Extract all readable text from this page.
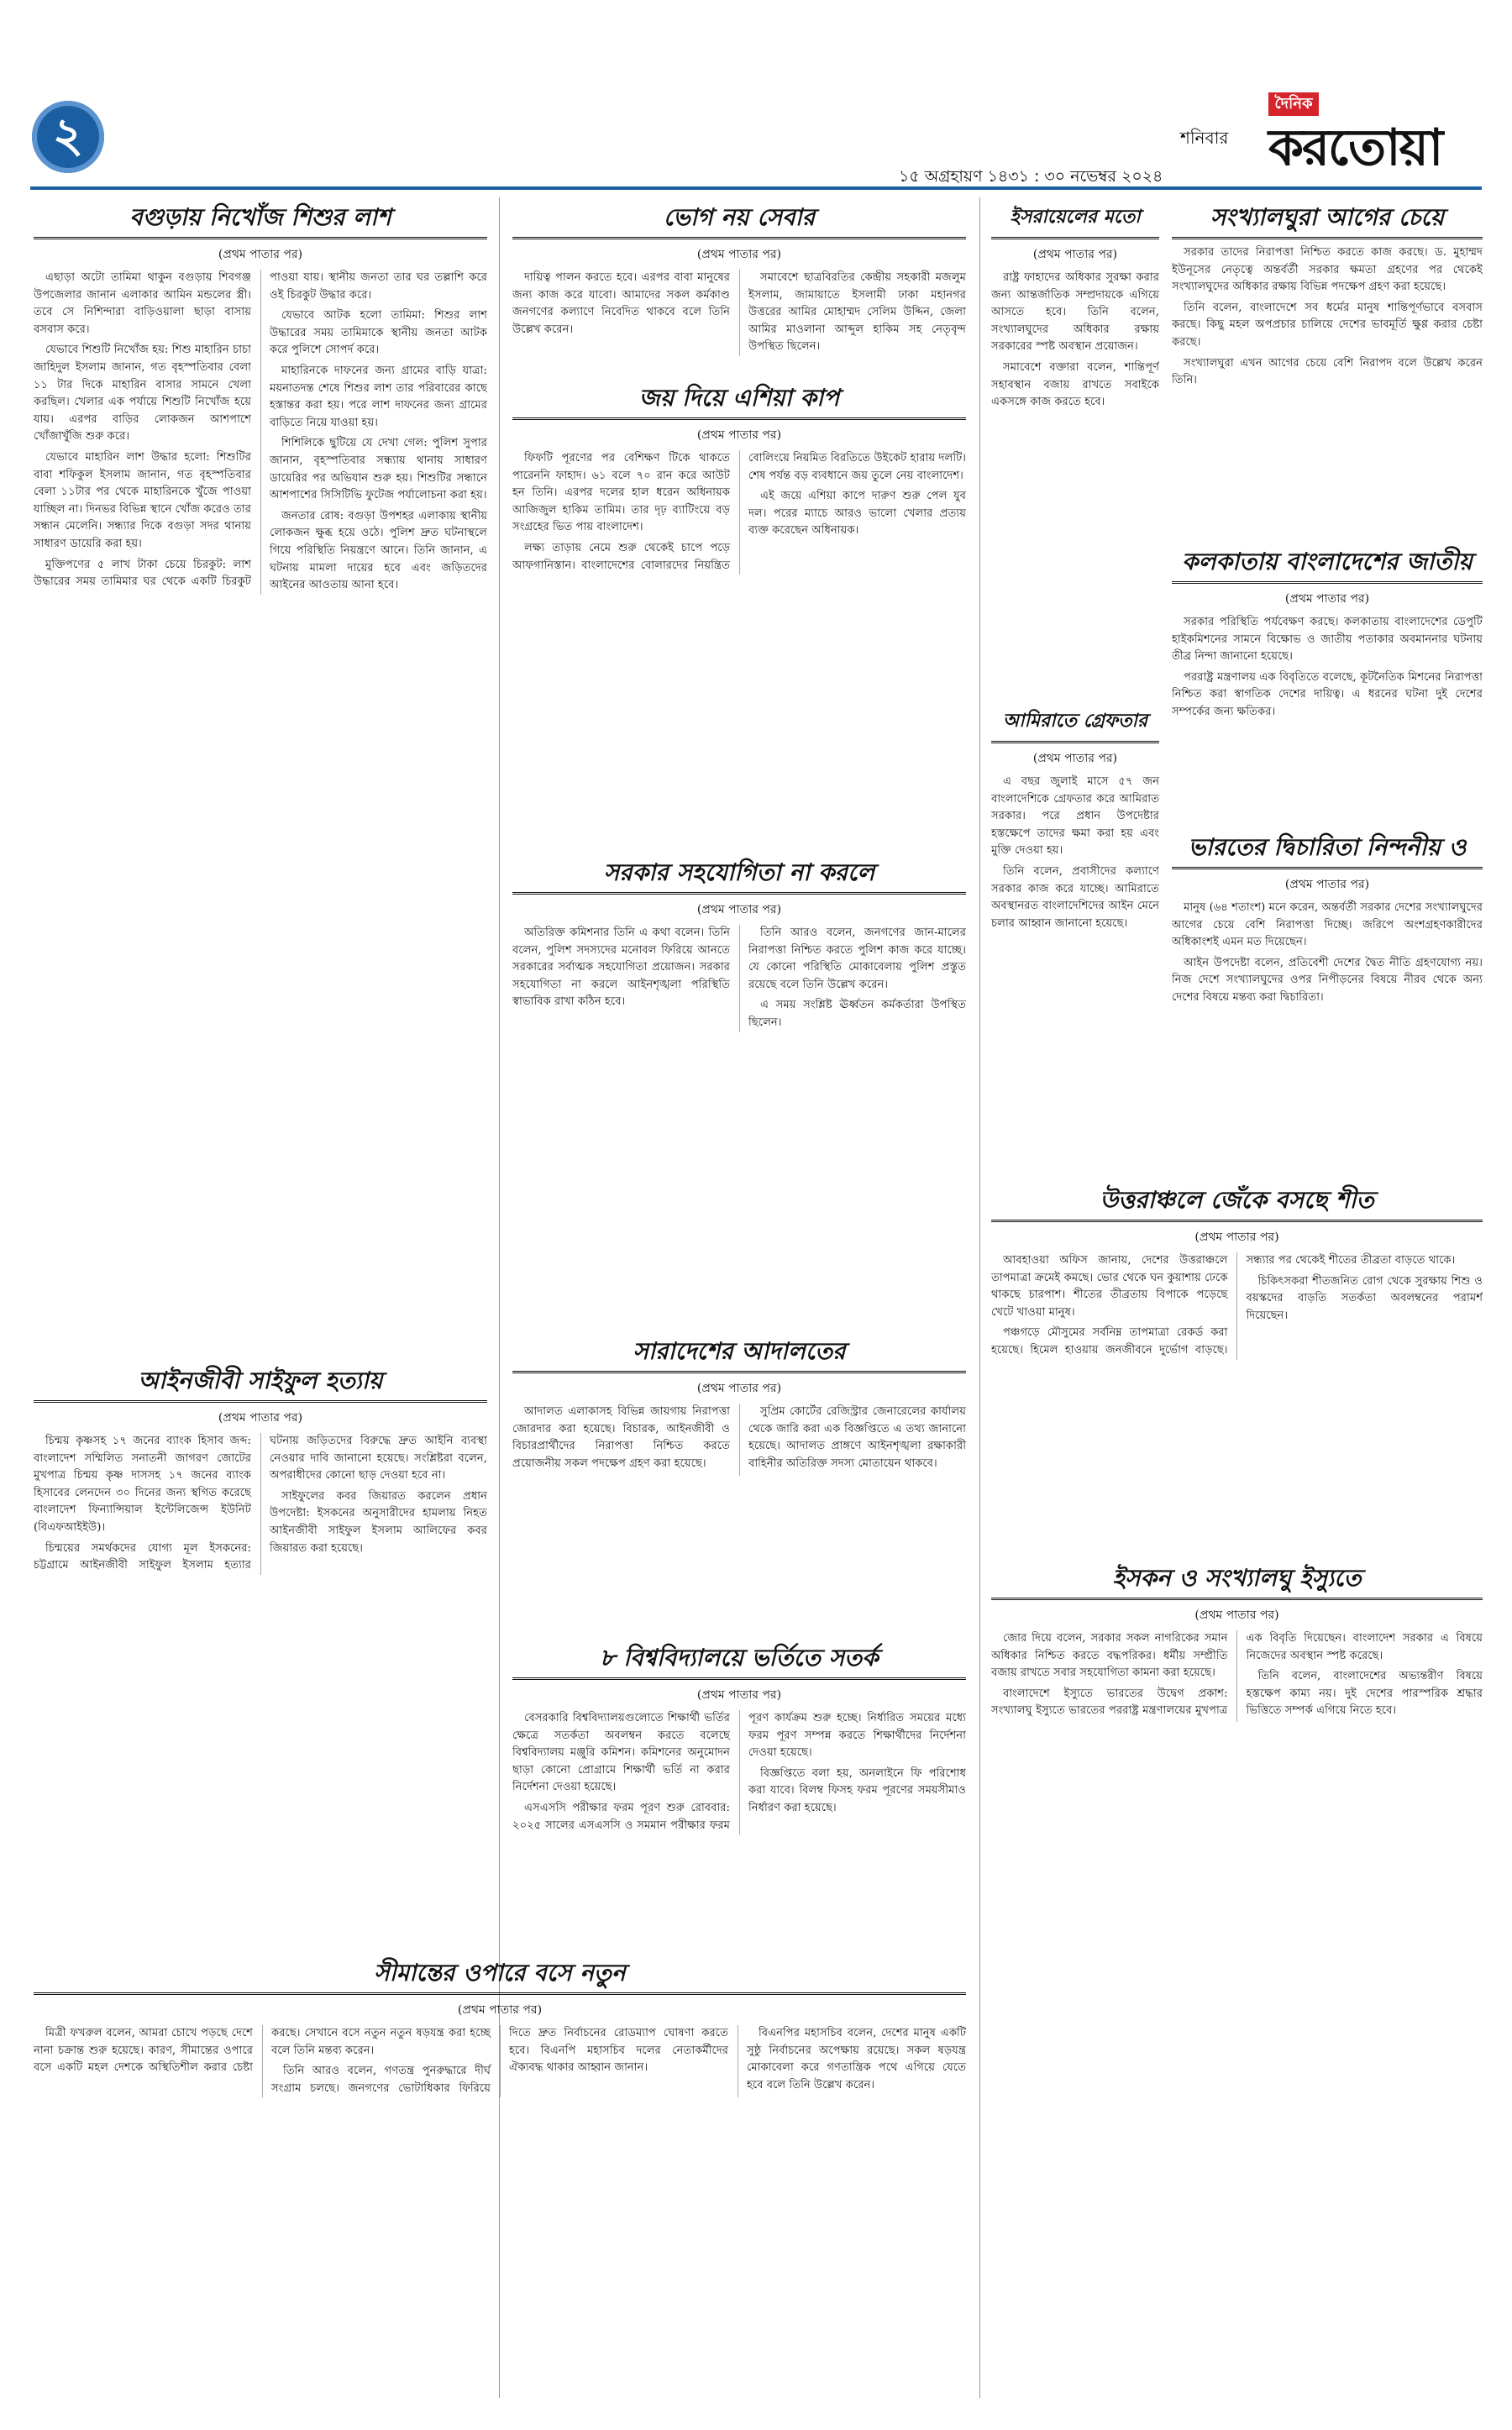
২	শনিবার
১৫ অগ্রহায়ণ ১৪৩১ : ৩০ নভেম্বর ২০২৪
দৈনিক
করতোয়া
বগুড়ায় নিখোঁজ শিশুর লাশ
(প্রথম পাতার পর)

এছাড়া অটো তামিমা থাকুন বগুড়ায় শিবগঞ্জ উপজেলার জানান এলাকার আমিন মন্ডলের স্ত্রী। তবে সে নিশিন্দারা বাড়িওয়ালা ছাড়া বাসায় বসবাস করে।

যেভাবে শিশুটি নিখোঁজ হয়: শিশু মাহারিন চাচা জাহিদুল ইসলাম জানান, গত বৃহস্পতিবার বেলা ১১ টার দিকে মাহারিন বাসার সামনে খেলা করছিল। খেলার এক পর্যায়ে শিশুটি নিখোঁজ হয়ে যায়। এরপর বাড়ির লোকজন আশপাশে খোঁজাখুঁজি শুরু করে।

যেভাবে মাহারিন লাশ উদ্ধার হলো: শিশুটির বাবা শফিকুল ইসলাম জানান, গত বৃহস্পতিবার বেলা ১১টার পর থেকে মাহারিনকে খুঁজে পাওয়া যাচ্ছিল না। দিনভর বিভিন্ন স্থানে খোঁজ করেও তার সন্ধান মেলেনি। সন্ধ্যার দিকে বগুড়া সদর থানায় সাধারণ ডায়েরি করা হয়।

মুক্তিপণের ৫ লাখ টাকা চেয়ে চিরকুট: লাশ উদ্ধারের সময় তামিমার ঘর থেকে একটি চিরকুট পাওয়া যায়। স্থানীয় জনতা তার ঘর তল্লাশি করে ওই চিরকুট উদ্ধার করে।

যেভাবে আটক হলো তামিমা: শিশুর লাশ উদ্ধারের সময় তামিমাকে স্থানীয় জনতা আটক করে পুলিশে সোপর্দ করে।

মাহারিনকে দাফনের জন্য গ্রামের বাড়ি যাত্রা: ময়নাতদন্ত শেষে শিশুর লাশ তার পরিবারের কাছে হস্তান্তর করা হয়। পরে লাশ দাফনের জন্য গ্রামের বাড়িতে নিয়ে যাওয়া হয়।

শিশিলিকে ছুটিয়ে যে দেখা গেল: পুলিশ সুপার জানান, বৃহস্পতিবার সন্ধ্যায় থানায় সাধারণ ডায়েরির পর অভিযান শুরু হয়। শিশুটির সন্ধানে আশপাশের সিসিটিভি ফুটেজ পর্যালোচনা করা হয়।

জনতার রোষ: বগুড়া উপশহর এলাকায় স্থানীয় লোকজন ক্ষুব্ধ হয়ে ওঠে। পুলিশ দ্রুত ঘটনাস্থলে গিয়ে পরিস্থিতি নিয়ন্ত্রণে আনে। তিনি জানান, এ ঘটনায় মামলা দায়ের হবে এবং জড়িতদের আইনের আওতায় আনা হবে।

আইনজীবী সাইফুল হত্যায়
(প্রথম পাতার পর)

চিন্ময় কৃষ্ণসহ ১৭ জনের ব্যাংক হিসাব জব্দ: বাংলাদেশ সম্মিলিত সনাতনী জাগরণ জোটের মুখপাত্র চিন্ময় কৃষ্ণ দাসসহ ১৭ জনের ব্যাংক হিসাবের লেনদেন ৩০ দিনের জন্য স্থগিত করেছে বাংলাদেশ ফিন্যান্সিয়াল ইন্টেলিজেন্স ইউনিট (বিএফআইইউ)।

চিন্ময়ের সমর্থকদের যোগ্য মূল ইসকনের: চট্টগ্রামে আইনজীবী সাইফুল ইসলাম হত্যার ঘটনায় জড়িতদের বিরুদ্ধে দ্রুত আইনি ব্যবস্থা নেওয়ার দাবি জানানো হয়েছে। সংশ্লিষ্টরা বলেন, অপরাধীদের কোনো ছাড় দেওয়া হবে না।

সাইফুলের কবর জিয়ারত করলেন প্রধান উপদেষ্টা: ইসকনের অনুসারীদের হামলায় নিহত আইনজীবী সাইফুল ইসলাম আলিফের কবর জিয়ারত করা হয়েছে।

সীমান্তের ওপারে বসে নতুন
(প্রথম পাতার পর)

মিত্রী ফখরুল বলেন, আমরা চোখে পড়ছে দেশে নানা চক্রান্ত শুরু হয়েছে। কারণ, সীমান্তের ওপারে বসে একটি মহল দেশকে অস্থিতিশীল করার চেষ্টা করছে। সেখানে বসে নতুন নতুন ষড়যন্ত্র করা হচ্ছে বলে তিনি মন্তব্য করেন।

তিনি আরও বলেন, গণতন্ত্র পুনরুদ্ধারে দীর্ঘ সংগ্রাম চলছে। জনগণের ভোটাধিকার ফিরিয়ে দিতে দ্রুত নির্বাচনের রোডম্যাপ ঘোষণা করতে হবে। বিএনপি মহাসচিব দলের নেতাকর্মীদের ঐক্যবদ্ধ থাকার আহ্বান জানান।

বিএনপির মহাসচিব বলেন, দেশের মানুষ একটি সুষ্ঠু নির্বাচনের অপেক্ষায় রয়েছে। সকল ষড়যন্ত্র মোকাবেলা করে গণতান্ত্রিক পথে এগিয়ে যেতে হবে বলে তিনি উল্লেখ করেন।

ভোগ নয় সেবার
(প্রথম পাতার পর)

দায়িত্ব পালন করতে হবে। এরপর বাবা মানুষের জন্য কাজ করে যাবো। আমাদের সকল কর্মকাণ্ড জনগণের কল্যাণে নিবেদিত থাকবে বলে তিনি উল্লেখ করেন।

সমাবেশে ছাত্রবিরতির কেন্দ্রীয় সহকারী মজলুম ইসলাম, জামায়াতে ইসলামী ঢাকা মহানগর উত্তরের আমির মোহাম্মদ সেলিম উদ্দিন, জেলা আমির মাওলানা আব্দুল হাকিম সহ নেতৃবৃন্দ উপস্থিত ছিলেন।

জয় দিয়ে এশিয়া কাপ
(প্রথম পাতার পর)

ফিফটি পূরণের পর বেশিক্ষণ টিকে থাকতে পারেননি ফাহাদ। ৬১ বলে ৭০ রান করে আউট হন তিনি। এরপর দলের হাল ধরেন অধিনায়ক আজিজুল হাকিম তামিম। তার দৃঢ় ব্যাটিংয়ে বড় সংগ্রহের ভিত পায় বাংলাদেশ।

লক্ষ্য তাড়ায় নেমে শুরু থেকেই চাপে পড়ে আফগানিস্তান। বাংলাদেশের বোলারদের নিয়ন্ত্রিত বোলিংয়ে নিয়মিত বিরতিতে উইকেট হারায় দলটি। শেষ পর্যন্ত বড় ব্যবধানে জয় তুলে নেয় বাংলাদেশ।

এই জয়ে এশিয়া কাপে দারুণ শুরু পেল যুব দল। পরের ম্যাচে আরও ভালো খেলার প্রত্যয় ব্যক্ত করেছেন অধিনায়ক।

সরকার সহযোগিতা না করলে
(প্রথম পাতার পর)

অতিরিক্ত কমিশনার তিনি এ কথা বলেন। তিনি বলেন, পুলিশ সদস্যদের মনোবল ফিরিয়ে আনতে সরকারের সর্বাত্মক সহযোগিতা প্রয়োজন। সরকার সহযোগিতা না করলে আইনশৃঙ্খলা পরিস্থিতি স্বাভাবিক রাখা কঠিন হবে।

তিনি আরও বলেন, জনগণের জান-মালের নিরাপত্তা নিশ্চিত করতে পুলিশ কাজ করে যাচ্ছে। যে কোনো পরিস্থিতি মোকাবেলায় পুলিশ প্রস্তুত রয়েছে বলে তিনি উল্লেখ করেন।

এ সময় সংশ্লিষ্ট ঊর্ধ্বতন কর্মকর্তারা উপস্থিত ছিলেন।

সারাদেশের আদালতের
(প্রথম পাতার পর)

আদালত এলাকাসহ বিভিন্ন জায়গায় নিরাপত্তা জোরদার করা হয়েছে। বিচারক, আইনজীবী ও বিচারপ্রার্থীদের নিরাপত্তা নিশ্চিত করতে প্রয়োজনীয় সকল পদক্ষেপ গ্রহণ করা হয়েছে।

সুপ্রিম কোর্টের রেজিস্ট্রার জেনারেলের কার্যালয় থেকে জারি করা এক বিজ্ঞপ্তিতে এ তথ্য জানানো হয়েছে। আদালত প্রাঙ্গণে আইনশৃঙ্খলা রক্ষাকারী বাহিনীর অতিরিক্ত সদস্য মোতায়েন থাকবে।

৮ বিশ্ববিদ্যালয়ে ভর্তিতে সতর্ক
(প্রথম পাতার পর)

বেসরকারি বিশ্ববিদ্যালয়গুলোতে শিক্ষার্থী ভর্তির ক্ষেত্রে সতর্কতা অবলম্বন করতে বলেছে বিশ্ববিদ্যালয় মঞ্জুরি কমিশন। কমিশনের অনুমোদন ছাড়া কোনো প্রোগ্রামে শিক্ষার্থী ভর্তি না করার নির্দেশনা দেওয়া হয়েছে।

এসএসসি পরীক্ষার ফরম পূরণ শুরু রোববার: ২০২৫ সালের এসএসসি ও সমমান পরীক্ষার ফরম পূরণ কার্যক্রম শুরু হচ্ছে। নির্ধারিত সময়ের মধ্যে ফরম পূরণ সম্পন্ন করতে শিক্ষার্থীদের নির্দেশনা দেওয়া হয়েছে।

বিজ্ঞপ্তিতে বলা হয়, অনলাইনে ফি পরিশোধ করা যাবে। বিলম্ব ফিসহ ফরম পূরণের সময়সীমাও নির্ধারণ করা হয়েছে।

ইসরায়েলের মতো
(প্রথম পাতার পর)

রাষ্ট্র ফাহাদের অধিকার সুরক্ষা করার জন্য আন্তর্জাতিক সম্প্রদায়কে এগিয়ে আসতে হবে। তিনি বলেন, সংখ্যালঘুদের অধিকার রক্ষায় সরকারের স্পষ্ট অবস্থান প্রয়োজন।

সমাবেশে বক্তারা বলেন, শান্তিপূর্ণ সহাবস্থান বজায় রাখতে সবাইকে একসঙ্গে কাজ করতে হবে।

আমিরাতে গ্রেফতার
(প্রথম পাতার পর)

এ বছর জুলাই মাসে ৫৭ জন বাংলাদেশিকে গ্রেফতার করে আমিরাত সরকার। পরে প্রধান উপদেষ্টার হস্তক্ষেপে তাদের ক্ষমা করা হয় এবং মুক্তি দেওয়া হয়।

তিনি বলেন, প্রবাসীদের কল্যাণে সরকার কাজ করে যাচ্ছে। আমিরাতে অবস্থানরত বাংলাদেশিদের আইন মেনে চলার আহ্বান জানানো হয়েছে।

সংখ্যালঘুরা আগের চেয়ে

সরকার তাদের নিরাপত্তা নিশ্চিত করতে কাজ করছে। ড. মুহাম্মদ ইউনূসের নেতৃত্বে অন্তর্বর্তী সরকার ক্ষমতা গ্রহণের পর থেকেই সংখ্যালঘুদের অধিকার রক্ষায় বিভিন্ন পদক্ষেপ গ্রহণ করা হয়েছে।

তিনি বলেন, বাংলাদেশে সব ধর্মের মানুষ শান্তিপূর্ণভাবে বসবাস করছে। কিছু মহল অপপ্রচার চালিয়ে দেশের ভাবমূর্তি ক্ষুণ্ণ করার চেষ্টা করছে।

সংখ্যালঘুরা এখন আগের চেয়ে বেশি নিরাপদ বলে উল্লেখ করেন তিনি।

কলকাতায় বাংলাদেশের জাতীয়
(প্রথম পাতার পর)

সরকার পরিস্থিতি পর্যবেক্ষণ করছে। কলকাতায় বাংলাদেশের ডেপুটি হাইকমিশনের সামনে বিক্ষোভ ও জাতীয় পতাকার অবমাননার ঘটনায় তীব্র নিন্দা জানানো হয়েছে।

পররাষ্ট্র মন্ত্রণালয় এক বিবৃতিতে বলেছে, কূটনৈতিক মিশনের নিরাপত্তা নিশ্চিত করা স্বাগতিক দেশের দায়িত্ব। এ ধরনের ঘটনা দুই দেশের সম্পর্কের জন্য ক্ষতিকর।

ভারতের দ্বিচারিতা নিন্দনীয় ও
(প্রথম পাতার পর)

মানুষ (৬৪ শতাংশ) মনে করেন, অন্তর্বর্তী সরকার দেশের সংখ্যালঘুদের আগের চেয়ে বেশি নিরাপত্তা দিচ্ছে। জরিপে অংশগ্রহণকারীদের অধিকাংশই এমন মত দিয়েছেন।

আইন উপদেষ্টা বলেন, প্রতিবেশী দেশের দ্বৈত নীতি গ্রহণযোগ্য নয়। নিজ দেশে সংখ্যালঘুদের ওপর নিপীড়নের বিষয়ে নীরব থেকে অন্য দেশের বিষয়ে মন্তব্য করা দ্বিচারিতা।

উত্তরাঞ্চলে জেঁকে বসছে শীত
(প্রথম পাতার পর)

আবহাওয়া অফিস জানায়, দেশের উত্তরাঞ্চলে তাপমাত্রা ক্রমেই কমছে। ভোর থেকে ঘন কুয়াশায় ঢেকে থাকছে চারপাশ। শীতের তীব্রতায় বিপাকে পড়েছে খেটে খাওয়া মানুষ।

পঞ্চগড়ে মৌসুমের সর্বনিম্ন তাপমাত্রা রেকর্ড করা হয়েছে। হিমেল হাওয়ায় জনজীবনে দুর্ভোগ বাড়ছে। সন্ধ্যার পর থেকেই শীতের তীব্রতা বাড়তে থাকে।

চিকিৎসকরা শীতজনিত রোগ থেকে সুরক্ষায় শিশু ও বয়স্কদের বাড়তি সতর্কতা অবলম্বনের পরামর্শ দিয়েছেন।

ইসকন ও সংখ্যালঘু ইস্যুতে
(প্রথম পাতার পর)

জোর দিয়ে বলেন, সরকার সকল নাগরিকের সমান অধিকার নিশ্চিত করতে বদ্ধপরিকর। ধর্মীয় সম্প্রীতি বজায় রাখতে সবার সহযোগিতা কামনা করা হয়েছে।

বাংলাদেশে ইস্যুতে ভারতের উদ্বেগ প্রকাশ: সংখ্যালঘু ইস্যুতে ভারতের পররাষ্ট্র মন্ত্রণালয়ের মুখপাত্র এক বিবৃতি দিয়েছেন। বাংলাদেশ সরকার এ বিষয়ে নিজেদের অবস্থান স্পষ্ট করেছে।

তিনি বলেন, বাংলাদেশের অভ্যন্তরীণ বিষয়ে হস্তক্ষেপ কাম্য নয়। দুই দেশের পারস্পরিক শ্রদ্ধার ভিত্তিতে সম্পর্ক এগিয়ে নিতে হবে।
